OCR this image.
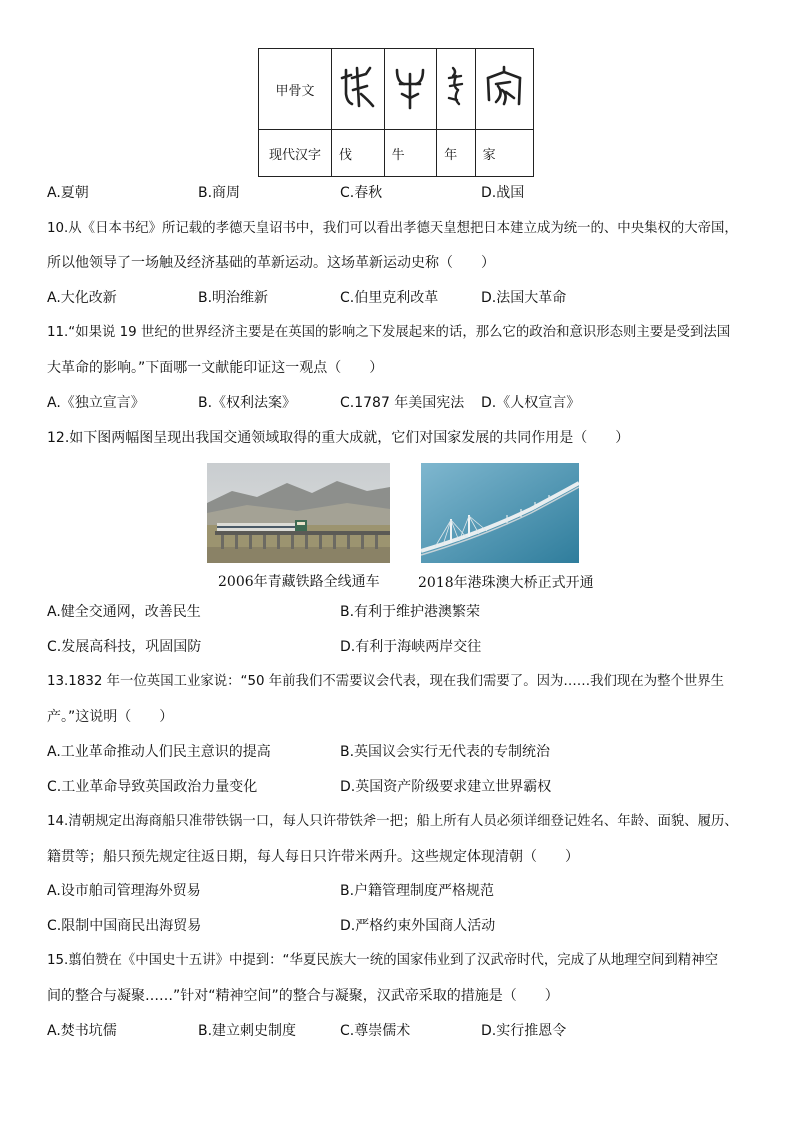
甲骨文				
现代汉字	伐	牛	年	家
A.夏朝	B.商周	C.春秋	D.战国
10.从《日本书纪》所记载的孝德天皇诏书中，我们可以看出孝德天皇想把日本建立成为统一的、中央集权的大帝国，
所以他领导了一场触及经济基础的革新运动。这场革新运动史称（　　）
A.大化改新	B.明治维新	C.伯里克利改革	D.法国大革命
11.“如果说 19 世纪的世界经济主要是在英国的影响之下发展起来的话，那么它的政治和意识形态则主要是受到法国
大革命的影响。”下面哪一文献能印证这一观点（　　）
A.《独立宣言》	B.《权利法案》	C.1787 年美国宪法 D.《人权宣言》
12.如下图两幅图呈现出我国交通领域取得的重大成就，它们对国家发展的共同作用是（　　）
2006年青藏铁路全线通车	2018年港珠澳大桥正式开通
A.健全交通网，改善民生	B.有利于维护港澳繁荣
C.发展高科技，巩固国防	D.有利于海峡两岸交往
13.1832 年一位英国工业家说：“50 年前我们不需要议会代表，现在我们需要了。因为……我们现在为整个世界生
产。”这说明（　　）
A.工业革命推动人们民主意识的提高	B.英国议会实行无代表的专制统治
C.工业革命导致英国政治力量变化	D.英国资产阶级要求建立世界霸权
14.清朝规定出海商船只准带铁锅一口，每人只许带铁斧一把；船上所有人员必须详细登记姓名、年龄、面貌、履历、
籍贯等；船只预先规定往返日期，每人每日只许带米两升。这些规定体现清朝（　　）
A.设市舶司管理海外贸易	B.户籍管理制度严格规范
C.限制中国商民出海贸易	D.严格约束外国商人活动
15.翦伯赞在《中国史十五讲》中提到：“华夏民族大一统的国家伟业到了汉武帝时代，完成了从地理空间到精神空
间的整合与凝聚……”针对“精神空间”的整合与凝聚，汉武帝采取的措施是（　　）
A.焚书坑儒	B.建立刺史制度	C.尊崇儒术	D.实行推恩令
